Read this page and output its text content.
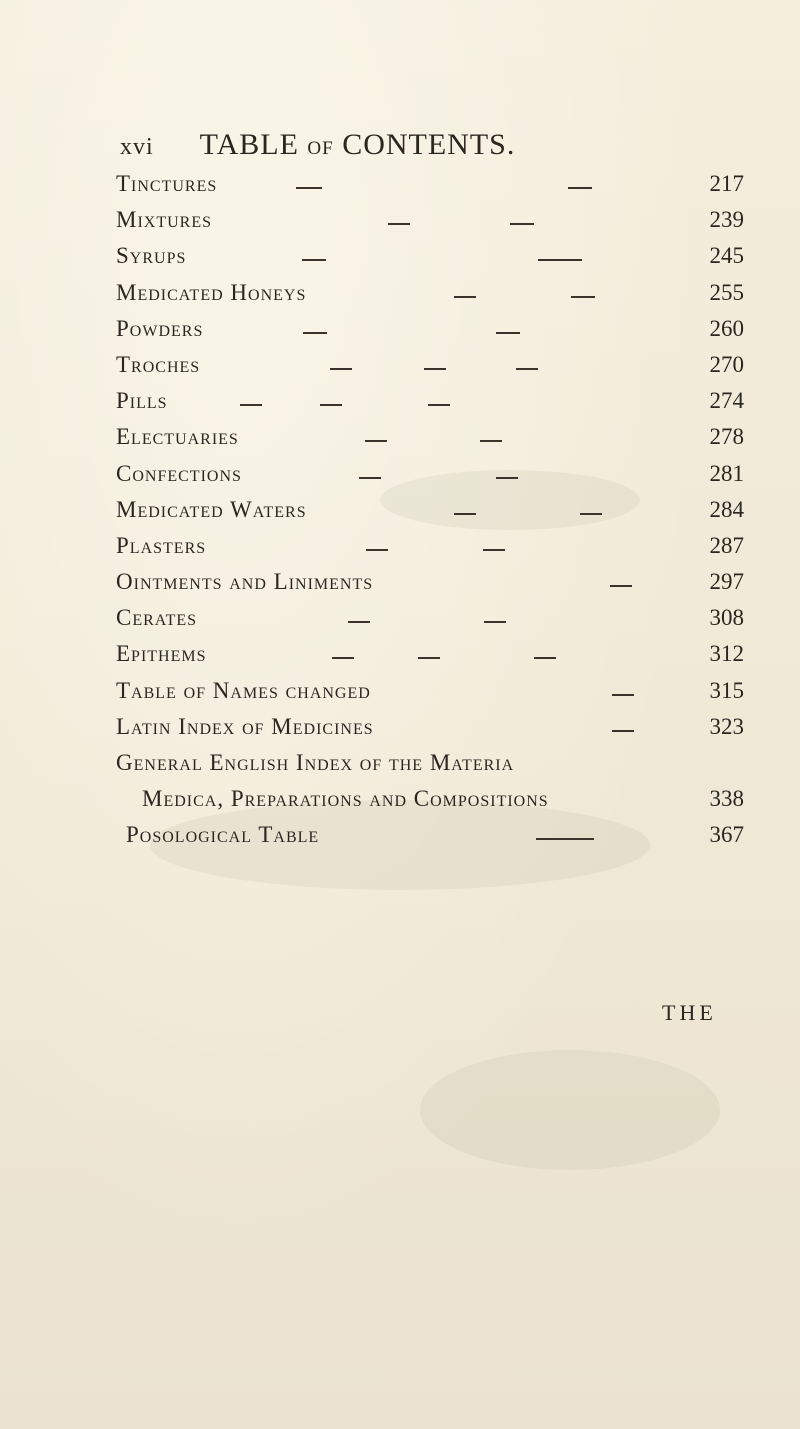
xvi TABLE OF CONTENTS.
Tinctures	217
Mixtures	239
Syrups	245
Medicated Honeys	255
Powders	260
Troches	270
Pills	274
Electuaries	278
Confections	281
Medicated Waters	284
Plasters	287
Ointments and Liniments	297
Cerates	308
Epithems	312
Table of Names changed	315
Latin Index of Medicines	323
General English Index of the Materia
Medica, Preparations and Compositions	338
Posological Table	367
THE
